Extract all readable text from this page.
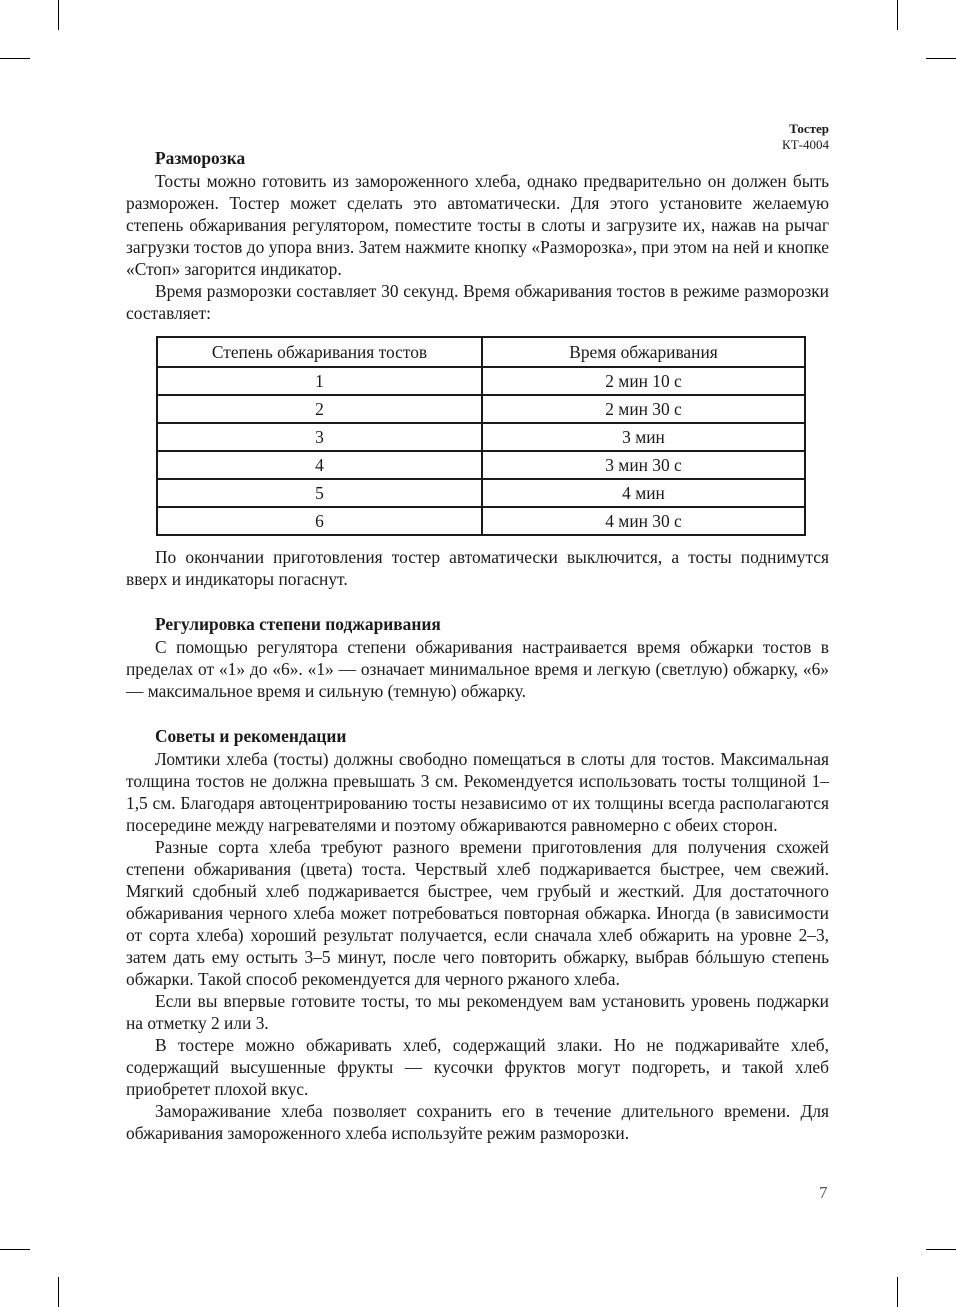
Тостер
КТ-4004
Разморозка

Тосты можно готовить из замороженного хлеба, однако предварительно он должен быть разморожен. Тостер может сделать это автоматически. Для этого установите желаемую степень обжаривания регулятором, поместите тосты в слоты и загрузите их, нажав на рычаг загрузки тостов до упора вниз. Затем нажмите кнопку «Разморозка», при этом на ней и кнопке «Стоп» загорится индикатор.

Время разморозки составляет 30 секунд. Время обжаривания тостов в режиме разморозки составляет:

Степень обжаривания тостов	Время обжаривания
1	2 мин 10 с
2	2 мин 30 с
3	3 мин
4	3 мин 30 с
5	4 мин
6	4 мин 30 с

По окончании приготовления тостер автоматически выключится, а тосты поднимутся вверх и индикаторы погаснут.

Регулировка степени поджаривания

С помощью регулятора степени обжаривания настраивается время обжарки тостов в пределах от «1» до «6». «1» — означает минимальное время и легкую (светлую) обжарку, «6» — максимальное время и сильную (темную) обжарку.

Советы и рекомендации

Ломтики хлеба (тосты) должны свободно помещаться в слоты для тостов. Максимальная толщина тостов не должна превышать 3 см. Рекомендуется использовать тосты толщиной 1–1,5 см. Благодаря автоцентрированию тосты независимо от их толщины всегда располагаются посередине между нагревателями и поэтому обжариваются равномерно с обеих сторон.

Разные сорта хлеба требуют разного времени приготовления для получения схожей степени обжаривания (цвета) тоста. Черствый хлеб поджаривается быстрее, чем свежий. Мягкий сдобный хлеб поджаривается быстрее, чем грубый и жесткий. Для достаточного обжаривания черного хлеба может потребоваться повторная обжарка. Иногда (в зависимости от сорта хлеба) хороший результат получается, если сначала хлеб обжарить на уровне 2–3, затем дать ему остыть 3–5 минут, после чего повторить обжарку, выбрав бóльшую степень обжарки. Такой способ рекомендуется для черного ржаного хлеба.

Если вы впервые готовите тосты, то мы рекомендуем вам установить уровень поджарки на отметку 2 или 3.

В тостере можно обжаривать хлеб, содержащий злаки. Но не поджаривайте хлеб, содержащий высушенные фрукты — кусочки фруктов могут подгореть, и такой хлеб приобретет плохой вкус.

Замораживание хлеба позволяет сохранить его в течение длительного времени. Для обжаривания замороженного хлеба используйте режим разморозки.

7
